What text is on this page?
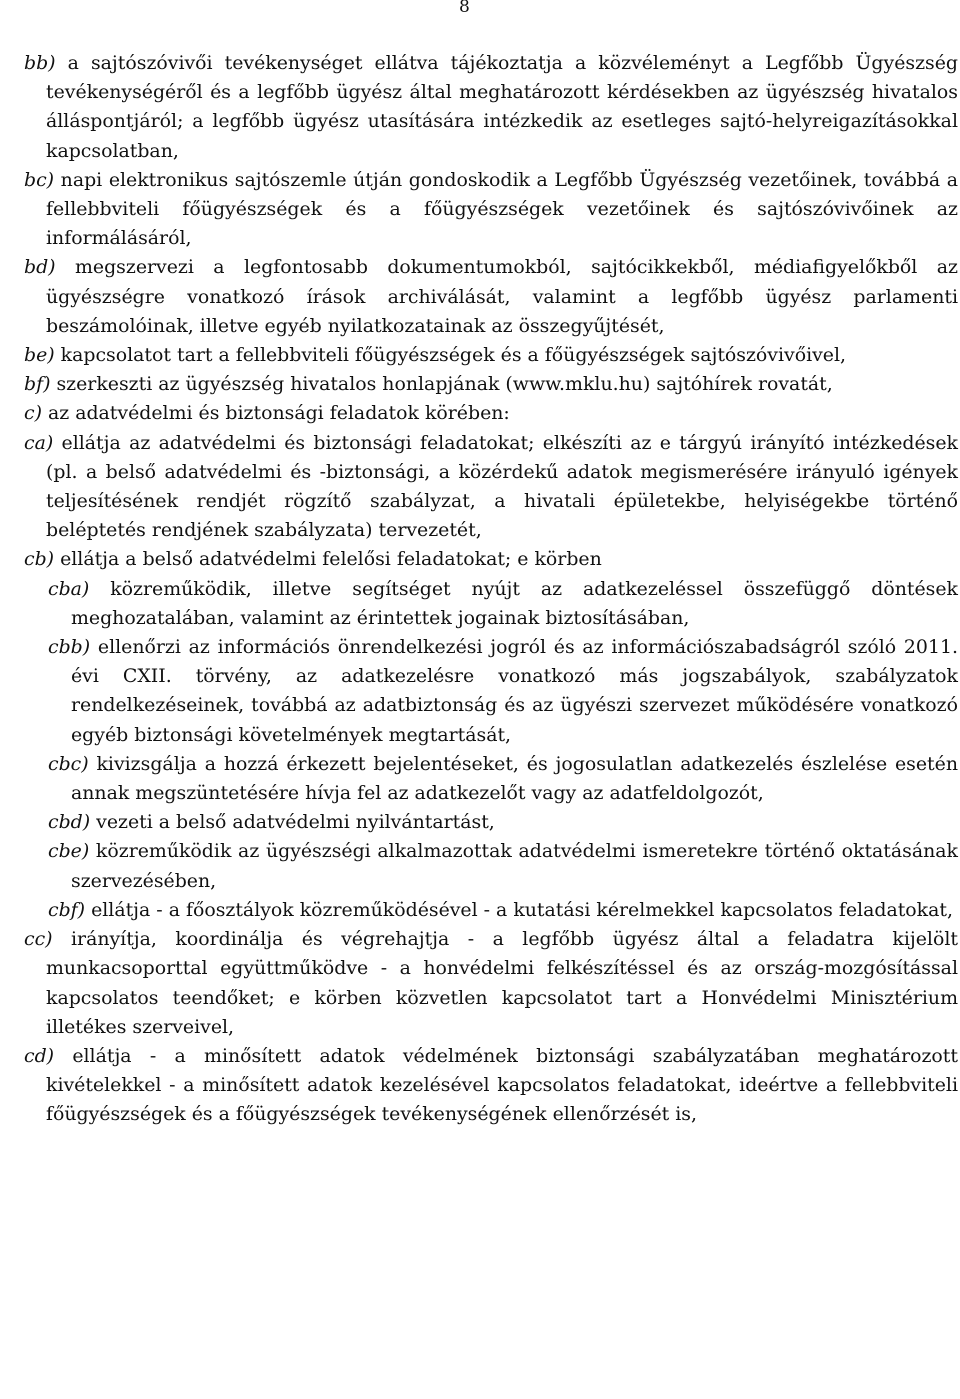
8

bb) a sajtószóvivői tevékenységet ellátva tájékoztatja a közvéleményt a Legfőbb Ügyészség tevékenységéről és a legfőbb ügyész által meghatározott kérdésekben az ügyészség hivatalos álláspontjáról; a legfőbb ügyész utasítására intézkedik az esetleges sajtó-helyreigazításokkal kapcsolatban,

bc) napi elektronikus sajtószemle útján gondoskodik a Legfőbb Ügyészség vezetőinek, továbbá a fellebbviteli főügyészségek és a főügyészségek vezetőinek és sajtószóvivőinek az informálásáról,

bd) megszervezi a legfontosabb dokumentumokból, sajtócikkekből, médiafigyelőkből az ügyészségre vonatkozó írások archiválását, valamint a legfőbb ügyész parlamenti beszámolóinak, illetve egyéb nyilatkozatainak az összegyűjtését,

be) kapcsolatot tart a fellebbviteli főügyészségek és a főügyészségek sajtószóvivőivel,

bf) szerkeszti az ügyészség hivatalos honlapjának (www.mklu.hu) sajtóhírek rovatát,

c) az adatvédelmi és biztonsági feladatok körében:

ca) ellátja az adatvédelmi és biztonsági feladatokat; elkészíti az e tárgyú irányító intézkedések (pl. a belső adatvédelmi és -biztonsági, a közérdekű adatok megismerésére irányuló igények teljesítésének rendjét rögzítő szabályzat, a hivatali épületekbe, helyiségekbe történő beléptetés rendjének szabályzata) tervezetét,

cb) ellátja a belső adatvédelmi felelősi feladatokat; e körben

cba) közreműködik, illetve segítséget nyújt az adatkezeléssel összefüggő döntések meghozatalában, valamint az érintettek jogainak biztosításában,

cbb) ellenőrzi az információs önrendelkezési jogról és az információszabadságról szóló 2011. évi CXII. törvény, az adatkezelésre vonatkozó más jogszabályok, szabályzatok rendelkezéseinek, továbbá az adatbiztonság és az ügyészi szervezet működésére vonatkozó egyéb biztonsági követelmények megtartását,

cbc) kivizsgálja a hozzá érkezett bejelentéseket, és jogosulatlan adatkezelés észlelése esetén annak megszüntetésére hívja fel az adatkezelőt vagy az adatfeldolgozót,

cbd) vezeti a belső adatvédelmi nyilvántartást,

cbe) közreműködik az ügyészségi alkalmazottak adatvédelmi ismeretekre történő oktatásának szervezésében,

cbf) ellátja - a főosztályok közreműködésével - a kutatási kérelmekkel kapcsolatos feladatokat,

cc) irányítja, koordinálja és végrehajtja - a legfőbb ügyész által a feladatra kijelölt munkacsoporttal együttműködve - a honvédelmi felkészítéssel és az ország-mozgósítással kapcsolatos teendőket; e körben közvetlen kapcsolatot tart a Honvédelmi Minisztérium illetékes szerveivel,

cd) ellátja - a minősített adatok védelmének biztonsági szabályzatában meghatározott kivételekkel - a minősített adatok kezelésével kapcsolatos feladatokat, ideértve a fellebbviteli főügyészségek és a főügyészségek tevékenységének ellenőrzését is,
